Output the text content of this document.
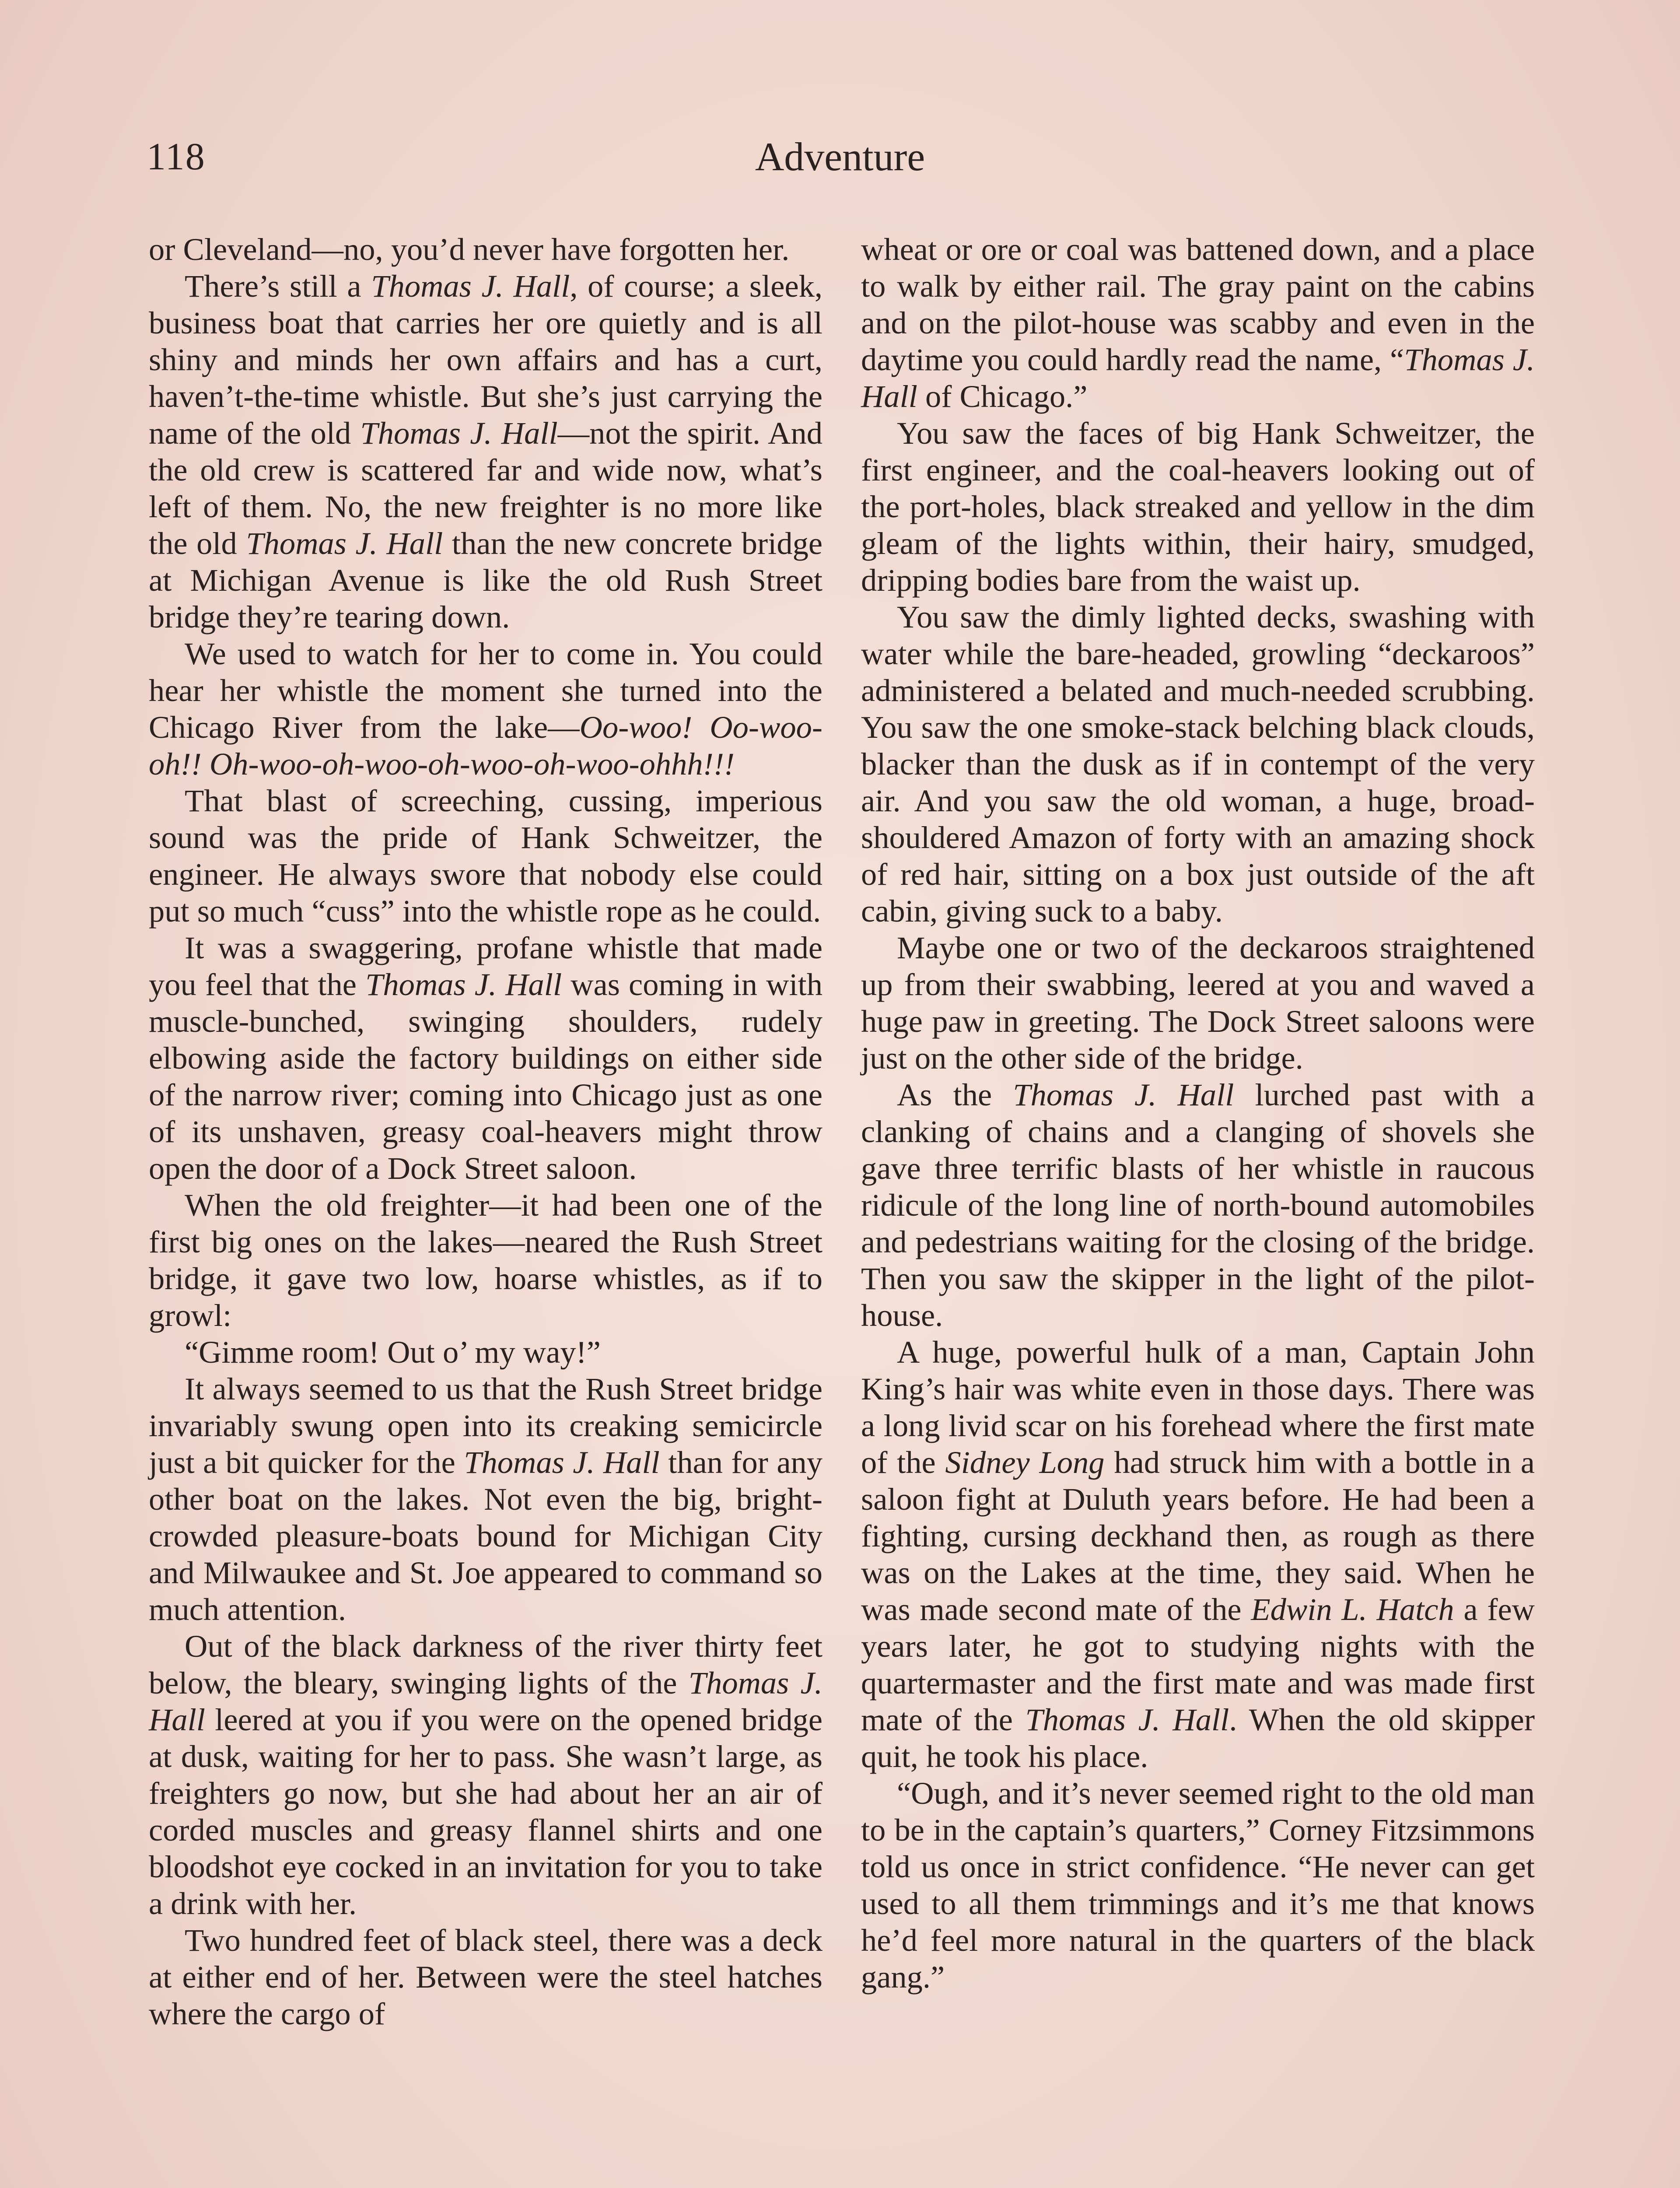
118	Adventure

or Cleveland—no, you’d never have forgotten her.

There’s still a Thomas J. Hall, of course; a sleek, business boat that carries her ore quietly and is all shiny and minds her own affairs and has a curt, haven’t-the-time whistle. But she’s just carrying the name of the old Thomas J. Hall—not the spirit. And the old crew is scattered far and wide now, what’s left of them. No, the new freighter is no more like the old Thomas J. Hall than the new concrete bridge at Michigan Avenue is like the old Rush Street bridge they’re tearing down.

We used to watch for her to come in. You could hear her whistle the moment she turned into the Chicago River from the lake—Oo-woo! Oo-woo-oh!! Oh-woo-oh-woo-oh-woo-oh-woo-ohhh!!!

That blast of screeching, cussing, imperious sound was the pride of Hank Schweitzer, the engineer. He always swore that nobody else could put so much “cuss” into the whistle rope as he could.

It was a swaggering, profane whistle that made you feel that the Thomas J. Hall was coming in with muscle-bunched, swinging shoulders, rudely elbowing aside the factory buildings on either side of the narrow river; coming into Chicago just as one of its unshaven, greasy coal-heavers might throw open the door of a Dock Street saloon.

When the old freighter—it had been one of the first big ones on the lakes—neared the Rush Street bridge, it gave two low, hoarse whistles, as if to growl:

“Gimme room! Out o’ my way!”

It always seemed to us that the Rush Street bridge invariably swung open into its creaking semicircle just a bit quicker for the Thomas J. Hall than for any other boat on the lakes. Not even the big, bright-crowded pleasure-boats bound for Michigan City and Milwaukee and St. Joe appeared to command so much attention.

Out of the black darkness of the river thirty feet below, the bleary, swinging lights of the Thomas J. Hall leered at you if you were on the opened bridge at dusk, waiting for her to pass. She wasn’t large, as freighters go now, but she had about her an air of corded muscles and greasy flannel shirts and one bloodshot eye cocked in an invitation for you to take a drink with her.

Two hundred feet of black steel, there was a deck at either end of her. Between were the steel hatches where the cargo of

wheat or ore or coal was battened down, and a place to walk by either rail. The gray paint on the cabins and on the pilot-house was scabby and even in the daytime you could hardly read the name, “Thomas J. Hall of Chicago.”

You saw the faces of big Hank Schweitzer, the first engineer, and the coal-heavers looking out of the port-holes, black streaked and yellow in the dim gleam of the lights within, their hairy, smudged, dripping bodies bare from the waist up.

You saw the dimly lighted decks, swashing with water while the bare-headed, growling “deckaroos” administered a belated and much-needed scrubbing. You saw the one smoke-stack belching black clouds, blacker than the dusk as if in contempt of the very air. And you saw the old woman, a huge, broad-shouldered Amazon of forty with an amazing shock of red hair, sitting on a box just outside of the aft cabin, giving suck to a baby.

Maybe one or two of the deckaroos straightened up from their swabbing, leered at you and waved a huge paw in greeting. The Dock Street saloons were just on the other side of the bridge.

As the Thomas J. Hall lurched past with a clanking of chains and a clanging of shovels she gave three terrific blasts of her whistle in raucous ridicule of the long line of north-bound automobiles and pedestrians waiting for the closing of the bridge. Then you saw the skipper in the light of the pilot-house.

A huge, powerful hulk of a man, Captain John King’s hair was white even in those days. There was a long livid scar on his forehead where the first mate of the Sidney Long had struck him with a bottle in a saloon fight at Duluth years before. He had been a fighting, cursing deckhand then, as rough as there was on the Lakes at the time, they said. When he was made second mate of the Edwin L. Hatch a few years later, he got to studying nights with the quartermaster and the first mate and was made first mate of the Thomas J. Hall. When the old skipper quit, he took his place.

“Ough, and it’s never seemed right to the old man to be in the captain’s quarters,” Corney Fitzsimmons told us once in strict confidence. “He never can get used to all them trimmings and it’s me that knows he’d feel more natural in the quarters of the black gang.”
